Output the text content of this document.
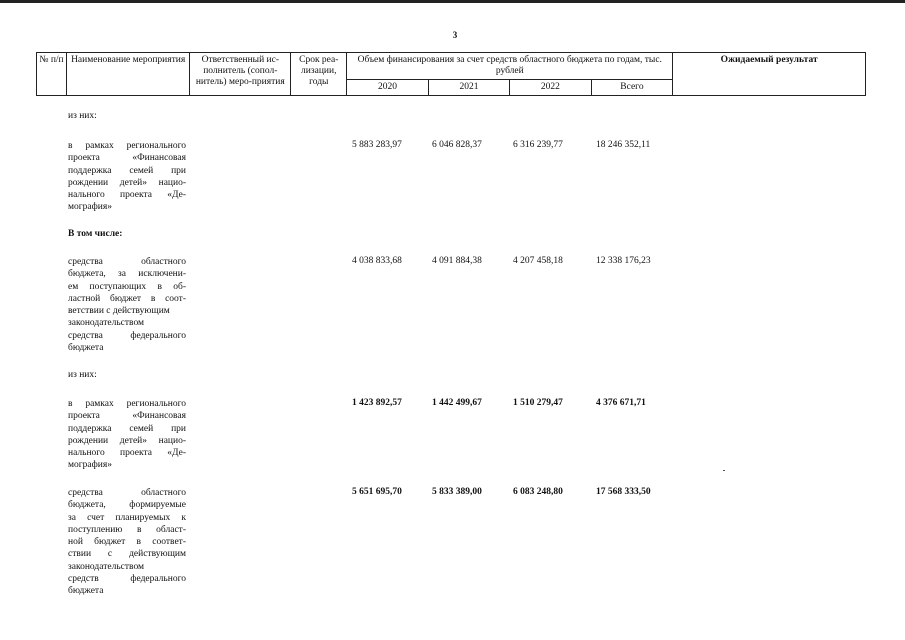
3
№ п/п	Наименование мероприятия	Ответственный ис-полнитель (сопол-нитель) меро-приятия	Срок реа-лизации, годы	Объем финансирования за счет средств областного бюджета по годам, тыс. рублей				Ожидаемый результат
				2020	2021	2022	Всего	
из них:
в рамках регионального
проекта «Финансовая
поддержка семей при
рождении детей» нацио-
нального проекта «Де-
мография»
5 883 283,97	6 046 828,37	6 316 239,77	18 246 352,11
В том числе:
средства областного
бюджета, за исключени-
ем поступающих в об-
ластной бюджет в соот-
ветствии с действующим
законодательством
средства федерального
бюджета
4 038 833,68	4 091 884,38	4 207 458,18	12 338 176,23
из них:
в рамках регионального
проекта «Финансовая
поддержка семей при
рождении детей» нацио-
нального проекта «Де-
мография»
1 423 892,57	1 442 499,67	1 510 279,47	4 376 671,71
средства областного
бюджета, формируемые
за счет планируемых к
поступлению в област-
ной бюджет в соответ-
ствии с действующим
законодательством
средств федерального
бюджета
5 651 695,70	5 833 389,00	6 083 248,80	17 568 333,50
